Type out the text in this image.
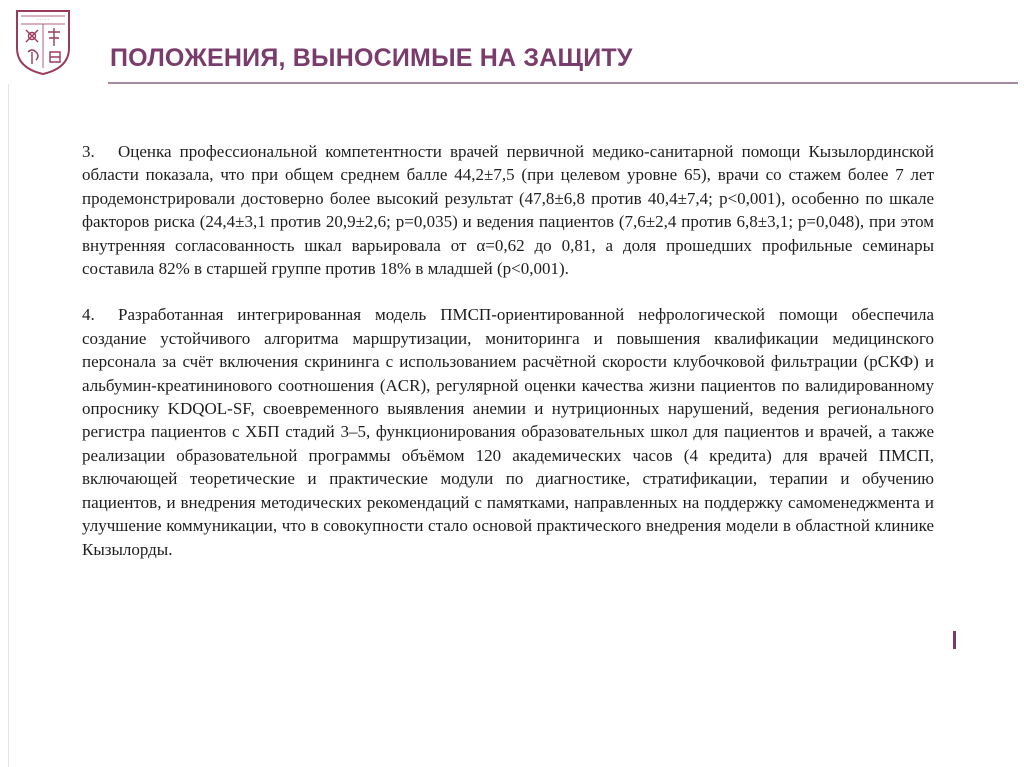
· · · · ·
ПОЛОЖЕНИЯ, ВЫНОСИМЫЕ НА ЗАЩИТУ

3. Оценка профессиональной компетентности врачей первичной медико-санитарной помощи Кызылординской области показала, что при общем среднем балле 44,2±7,5 (при целевом уровне 65), врачи со стажем более 7 лет продемонстрировали достоверно более высокий результат (47,8±6,8 против 40,4±7,4; p<0,001), особенно по шкале факторов риска (24,4±3,1 против 20,9±2,6; p=0,035) и ведения пациентов (7,6±2,4 против 6,8±3,1; p=0,048), при этом внутренняя согласованность шкал варьировала от α=0,62 до 0,81, а доля прошедших профильные семинары составила 82% в старшей группе против 18% в младшей (p<0,001).

4. Разработанная интегрированная модель ПМСП-ориентированной нефрологической помощи обеспечила создание устойчивого алгоритма маршрутизации, мониторинга и повышения квалификации медицинского персонала за счёт включения скрининга с использованием расчётной скорости клубочковой фильтрации (рСКФ) и альбумин-креатининового соотношения (ACR), регулярной оценки качества жизни пациентов по валидированному опроснику KDQOL-SF, своевременного выявления анемии и нутриционных нарушений, ведения регионального регистра пациентов с ХБП стадий 3–5, функционирования образовательных школ для пациентов и врачей, а также реализации образовательной программы объёмом 120 академических часов (4 кредита) для врачей ПМСП, включающей теоретические и практические модули по диагностике, стратификации, терапии и обучению пациентов, и внедрения методических рекомендаций с памятками, направленных на поддержку самоменеджмента и улучшение коммуникации, что в совокупности стало основой практического внедрения модели в областной клинике Кызылорды.
